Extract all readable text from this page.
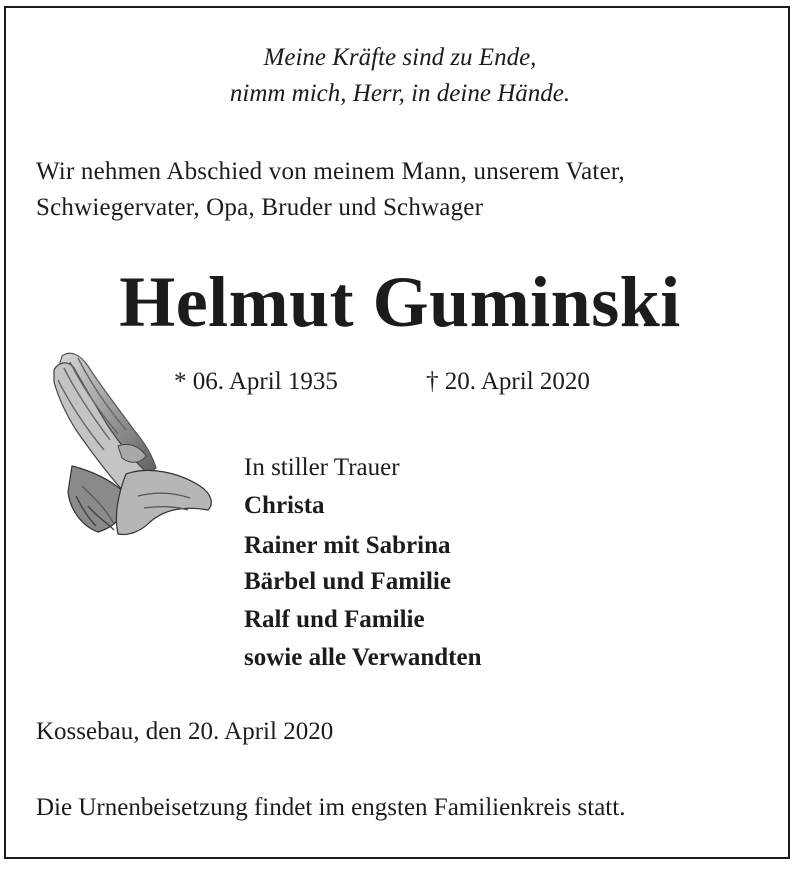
Meine Kräfte sind zu Ende,
nimm mich, Herr, in deine Hände.
Wir nehmen Abschied von meinem Mann, unserem Vater,
Schwiegervater, Opa, Bruder und Schwager
Helmut Guminski
* 06. April 1935	† 20. April 2020
In stiller Trauer
Christa
Rainer mit Sabrina
Bärbel und Familie
Ralf und Familie
sowie alle Verwandten
Kossebau, den 20. April 2020
Die Urnenbeisetzung findet im engsten Familienkreis statt.
